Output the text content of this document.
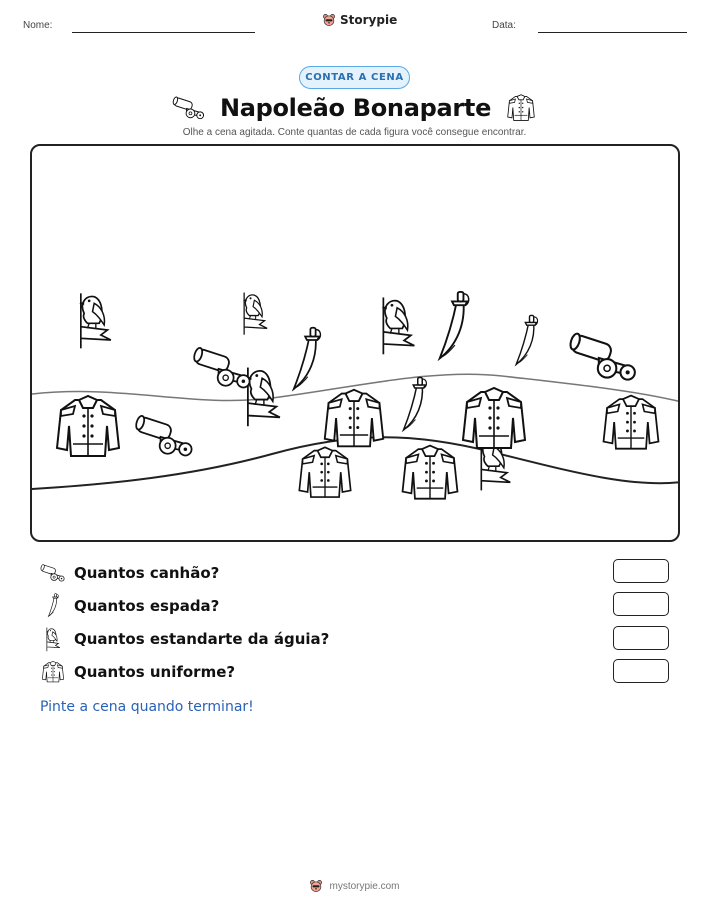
Nome:	Storypie	Data:
CONTAR A CENA
Napoleão Bonaparte
Olhe a cena agitada. Conte quantas de cada figura você consegue encontrar.
Quantos canhão?
Quantos espada?
Quantos estandarte da águia?
Quantos uniforme?
Pinte a cena quando terminar!
mystorypie.com
